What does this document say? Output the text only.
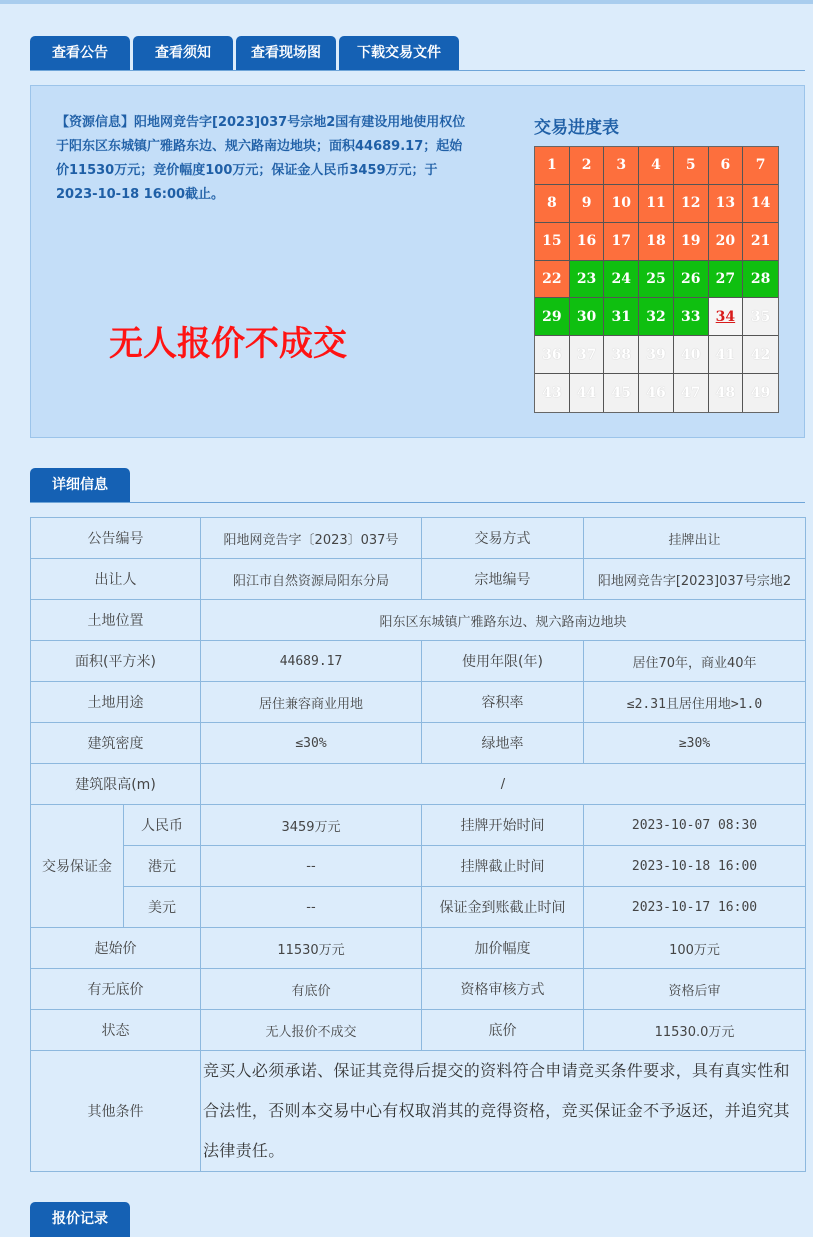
查看公告	查看须知	查看现场图	下载交易文件
【资源信息】阳地网竞告字[2023]037号宗地2国有建设用地使用权位于阳东区东城镇广雅路东边、规六路南边地块；面积44689.17；起始价11530万元；竞价幅度100万元；保证金人民币3459万元；于2023-10-18 16:00截止。
无人报价不成交
交易进度表
1	2	3	4	5	6	7
8	9	10	11	12	13	14
15	16	17	18	19	20	21
22	23	24	25	26	27	28
29	30	31	32	33	34	35
36	37	38	39	40	41	42
43	44	45	46	47	48	49
详细信息
公告编号		阳地网竞告字〔2023〕037号	交易方式	挂牌出让
出让人		阳江市自然资源局阳东分局	宗地编号	阳地网竞告字[2023]037号宗地2
土地位置		阳东区东城镇广雅路东边、规六路南边地块		
面积(平方米)		44689.17	使用年限(年)	居住70年，商业40年
土地用途		居住兼容商业用地	容积率	≤2.31且居住用地>1.0
建筑密度		≤30%	绿地率	≥30%
建筑限高(m)		/		
交易保证金	人民币	3459万元	挂牌开始时间	2023-10-07 08:30
	港元	--	挂牌截止时间	2023-10-18 16:00
	美元	--	保证金到账截止时间	2023-10-17 16:00
起始价		11530万元	加价幅度	100万元
有无底价		有底价	资格审核方式	资格后审
状态		无人报价不成交	底价	11530.0万元
其他条件		竞买人必须承诺、保证其竞得后提交的资料符合申请竞买条件要求，具有真实性和合法性，否则本交易中心有权取消其的竞得资格，竞买保证金不予返还，并追究其法律责任。		
报价记录
